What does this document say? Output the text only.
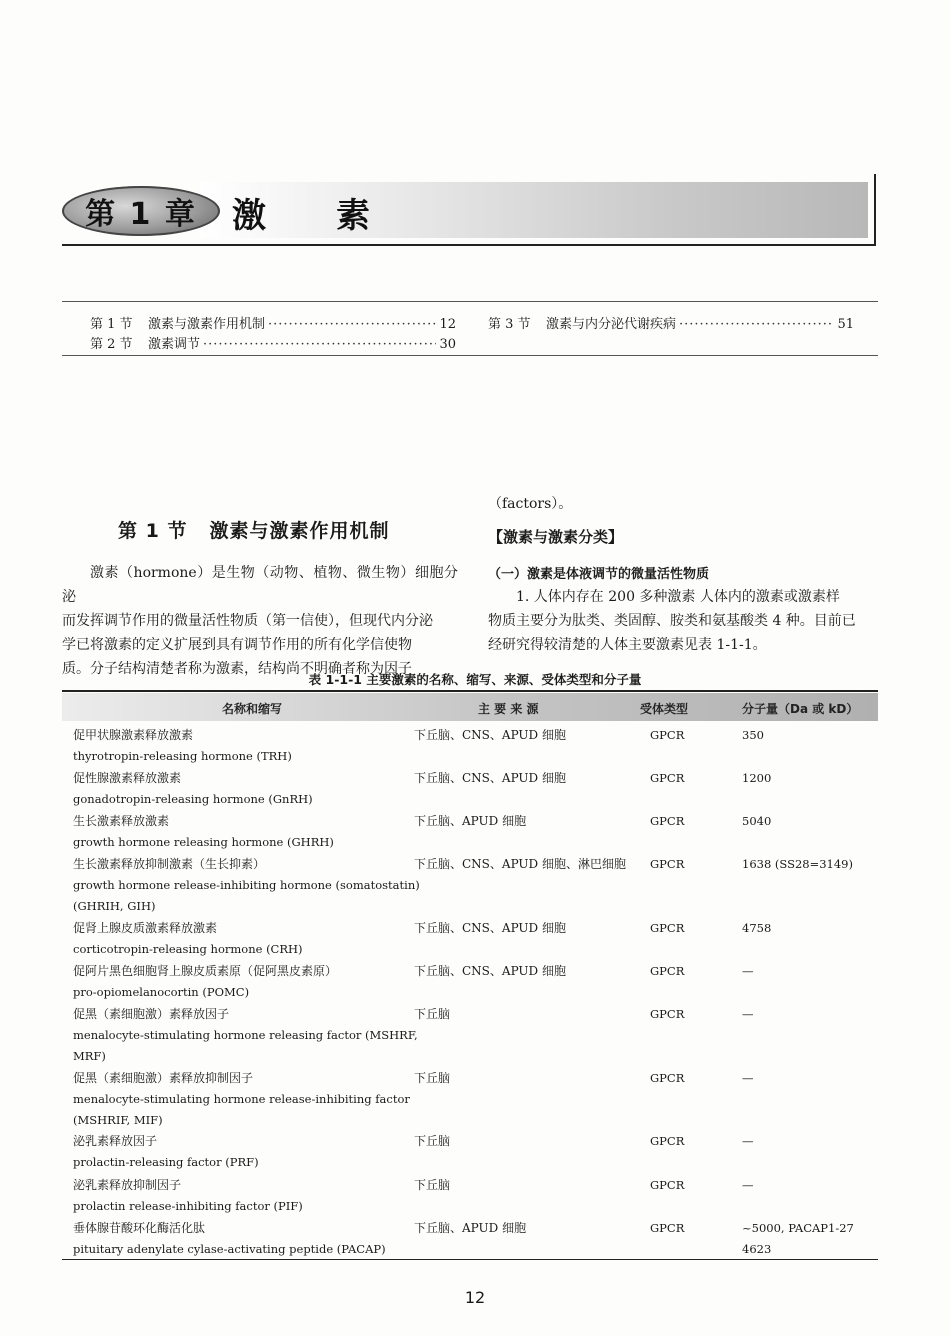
第 1 章 激素
第 1 节	激素与激素作用机制 ·····	12
第 2 节	激素调节 ·····	30
第 3 节	激素与内分泌代谢疾病 ·····	51
第 1 节 激素与激素作用机制
激素（hormone）是生物（动物、植物、微生物）细胞分泌
而发挥调节作用的微量活性物质（第一信使），但现代内分泌
学已将激素的定义扩展到具有调节作用的所有化学信使物
质。分子结构清楚者称为激素，结构尚不明确者称为因子
（factors）。
【激素与激素分类】
（一）激素是体液调节的微量活性物质
1. 人体内存在 200 多种激素 人体内的激素或激素样
物质主要分为肽类、类固醇、胺类和氨基酸类 4 种。目前已
经研究得较清楚的人体主要激素见表 1-1-1。
表 1-1-1 主要激素的名称、缩写、来源、受体类型和分子量
名称和缩写	主 要 来 源	受体类型	分子量（Da 或 kD）
促甲状腺激素释放激素
thyrotropin-releasing hormone (TRH)
下丘脑、CNS、APUD 细胞	GPCR	350
促性腺激素释放激素
gonadotropin-releasing hormone (GnRH)
下丘脑、CNS、APUD 细胞	GPCR	1200
生长激素释放激素
growth hormone releasing hormone (GHRH)
下丘脑、APUD 细胞	GPCR	5040
生长激素释放抑制激素（生长抑素）
growth hormone release-inhibiting hormone (somatostatin)
(GHRIH, GIH)
下丘脑、CNS、APUD 细胞、淋巴细胞 GPCR	1638 (SS28=3149)
促肾上腺皮质激素释放激素
corticotropin-releasing hormone (CRH)
下丘脑、CNS、APUD 细胞	GPCR	4758
促阿片黑色细胞肾上腺皮质素原（促阿黑皮素原）
pro-opiomelanocortin (POMC)
下丘脑、CNS、APUD 细胞	GPCR	—
促黑（素细胞激）素释放因子
menalocyte-stimulating hormone releasing factor (MSHRF,
MRF)
下丘脑	GPCR	—
促黑（素细胞激）素释放抑制因子
menalocyte-stimulating hormone release-inhibiting factor
(MSHRIF, MIF)
下丘脑	GPCR	—
泌乳素释放因子
prolactin-releasing factor (PRF)
下丘脑	GPCR	—
泌乳素释放抑制因子
prolactin release-inhibiting factor (PIF)
下丘脑	GPCR	—
垂体腺苷酸环化酶活化肽
pituitary adenylate cylase-activating peptide (PACAP)
下丘脑、APUD 细胞	GPCR	~5000, PACAP1-27
4623
12
